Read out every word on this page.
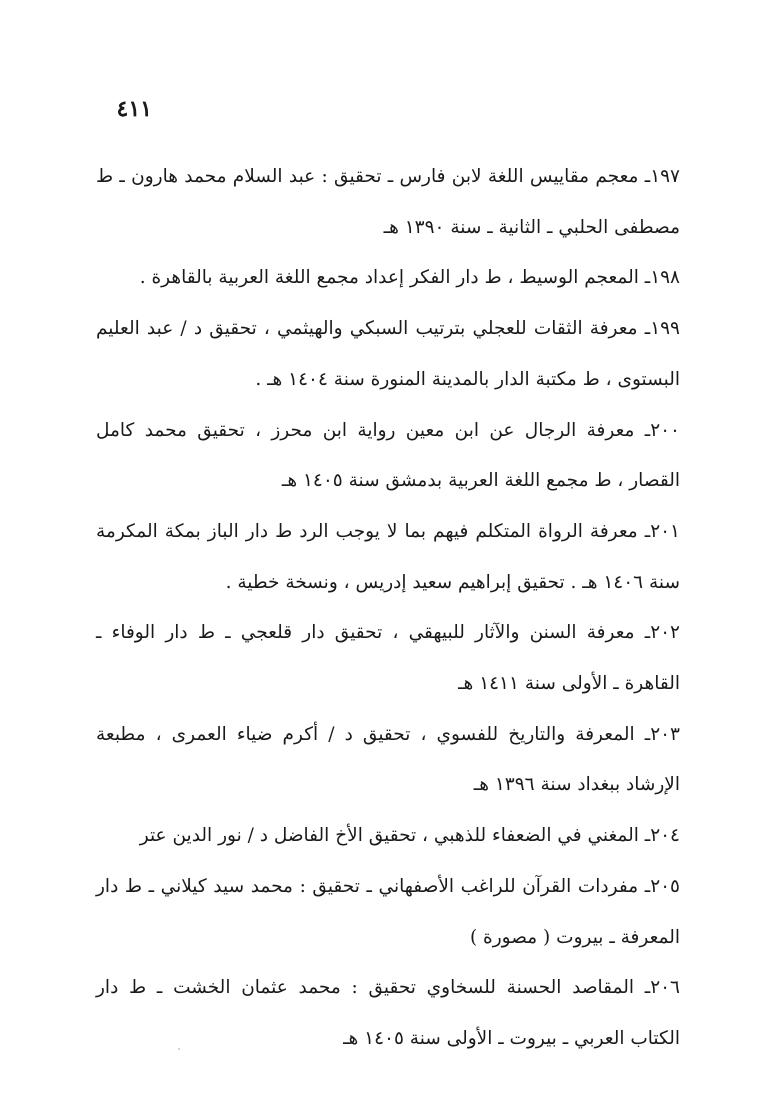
٤١١

١٩٧ـ معجم مقاييس اللغة لابن فارس ـ تحقيق : عبد السلام محمد هارون ـ ط مصطفى الحلبي ـ الثانية ـ سنة ١٣٩٠ هـ

١٩٨ـ المعجم الوسيط ، ط دار الفكر إعداد مجمع اللغة العربية بالقاهرة .

١٩٩ـ معرفة الثقات للعجلي بترتيب السبكي والهيثمي ، تحقيق د / عبد العليم البستوى ، ط مكتبة الدار بالمدينة المنورة سنة ١٤٠٤ هـ .

٢٠٠ـ معرفة الرجال عن ابن معين رواية ابن محرز ، تحقيق محمد كامل القصار ، ط مجمع اللغة العربية بدمشق سنة ١٤٠٥ هـ

٢٠١ـ معرفة الرواة المتكلم فيهم بما لا يوجب الرد ط دار الباز بمكة المكرمة سنة ١٤٠٦ هـ . تحقيق إبراهيم سعيد إدريس ، ونسخة خطية .

٢٠٢ـ معرفة السنن والآثار للبيهقي ، تحقيق دار قلعجي ـ ط دار الوفاء ـ القاهرة ـ الأولى سنة ١٤١١ هـ

٢٠٣ـ المعرفة والتاريخ للفسوي ، تحقيق د / أكرم ضياء العمرى ، مطبعة الإرشاد ببغداد سنة ١٣٩٦ هـ

٢٠٤ـ المغني في الضعفاء للذهبي ، تحقيق الأخ الفاضل د / نور الدين عتر

٢٠٥ـ مفردات القرآن للراغب الأصفهاني ـ تحقيق : محمد سيد كيلاني ـ ط دار المعرفة ـ بيروت ( مصورة )

٢٠٦ـ المقاصد الحسنة للسخاوي تحقيق : محمد عثمان الخشت ـ ط دار الكتاب العربي ـ بيروت ـ الأولى سنة ١٤٠٥ هـ
